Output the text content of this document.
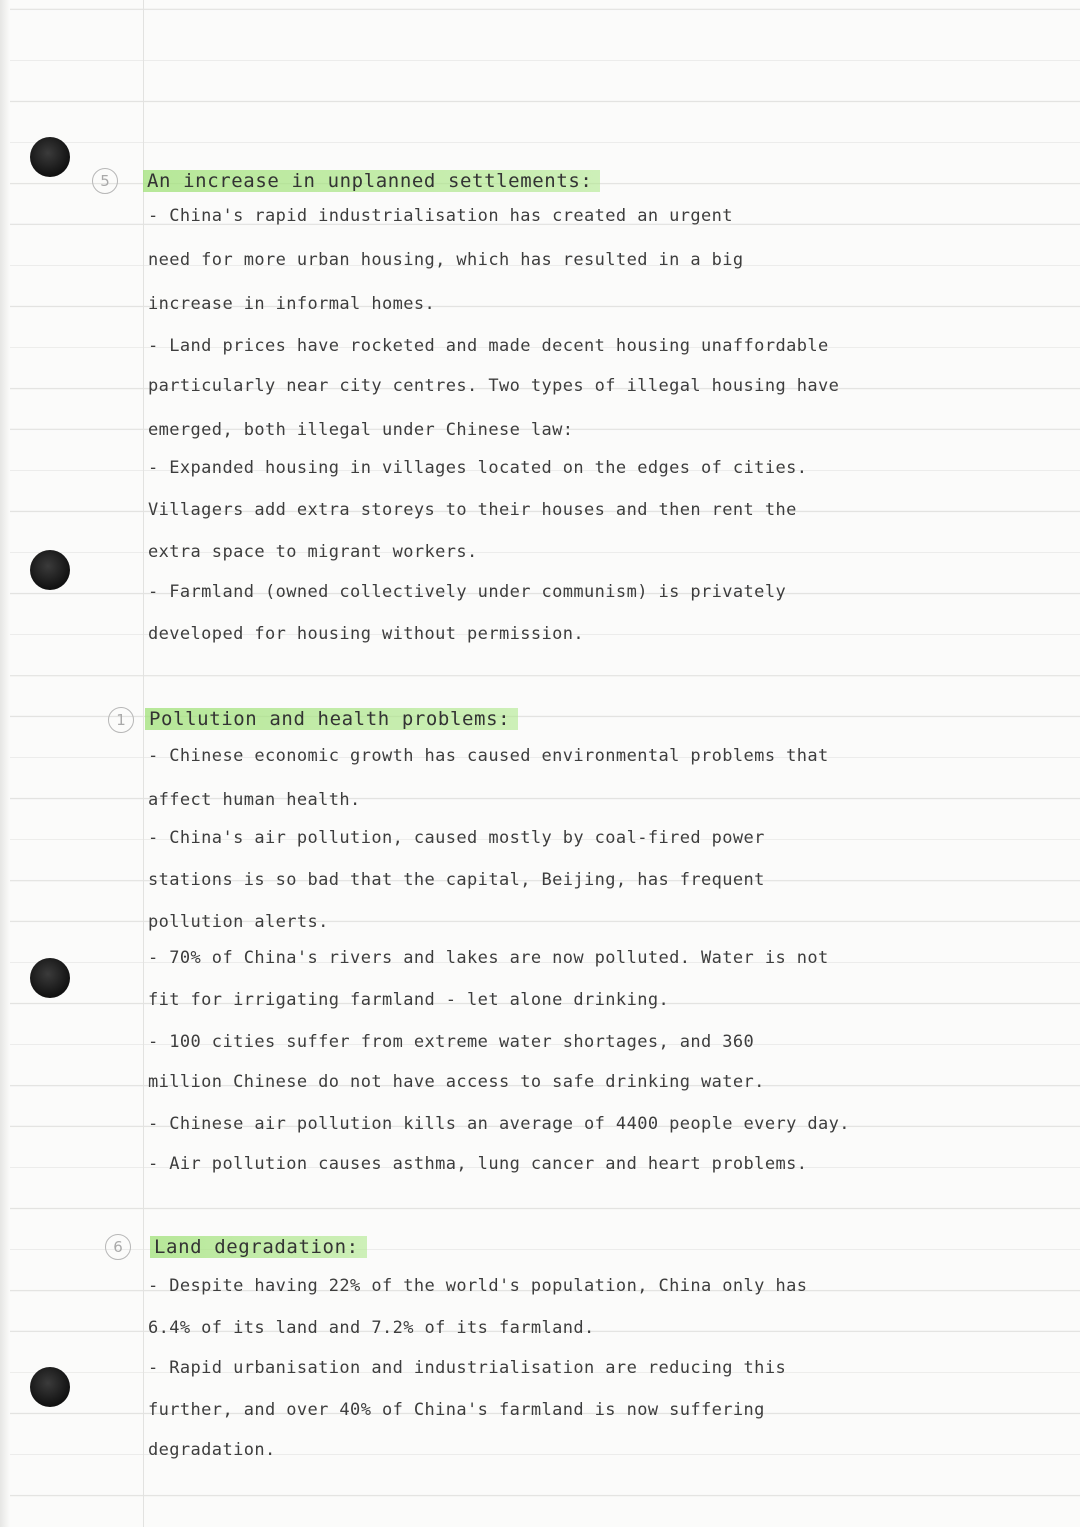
5	An increase in unplanned settlements:
- China's rapid industrialisation has created an urgent
need for more urban housing, which has resulted in a big
increase in informal homes.
- Land prices have rocketed and made decent housing unaffordable
particularly near city centres. Two types of illegal housing have
emerged, both illegal under Chinese law:
- Expanded housing in villages located on the edges of cities.
Villagers add extra storeys to their houses and then rent the
extra space to migrant workers.
- Farmland (owned collectively under communism) is privately
developed for housing without permission.
1	Pollution and health problems:
- Chinese economic growth has caused environmental problems that
affect human health.
- China's air pollution, caused mostly by coal-fired power
stations is so bad that the capital, Beijing, has frequent
pollution alerts.
- 70% of China's rivers and lakes are now polluted. Water is not
fit for irrigating farmland - let alone drinking.
- 100 cities suffer from extreme water shortages, and 360
million Chinese do not have access to safe drinking water.
- Chinese air pollution kills an average of 4400 people every day.
- Air pollution causes asthma, lung cancer and heart problems.
6	Land degradation:
- Despite having 22% of the world's population, China only has
6.4% of its land and 7.2% of its farmland.
- Rapid urbanisation and industrialisation are reducing this
further, and over 40% of China's farmland is now suffering
degradation.
